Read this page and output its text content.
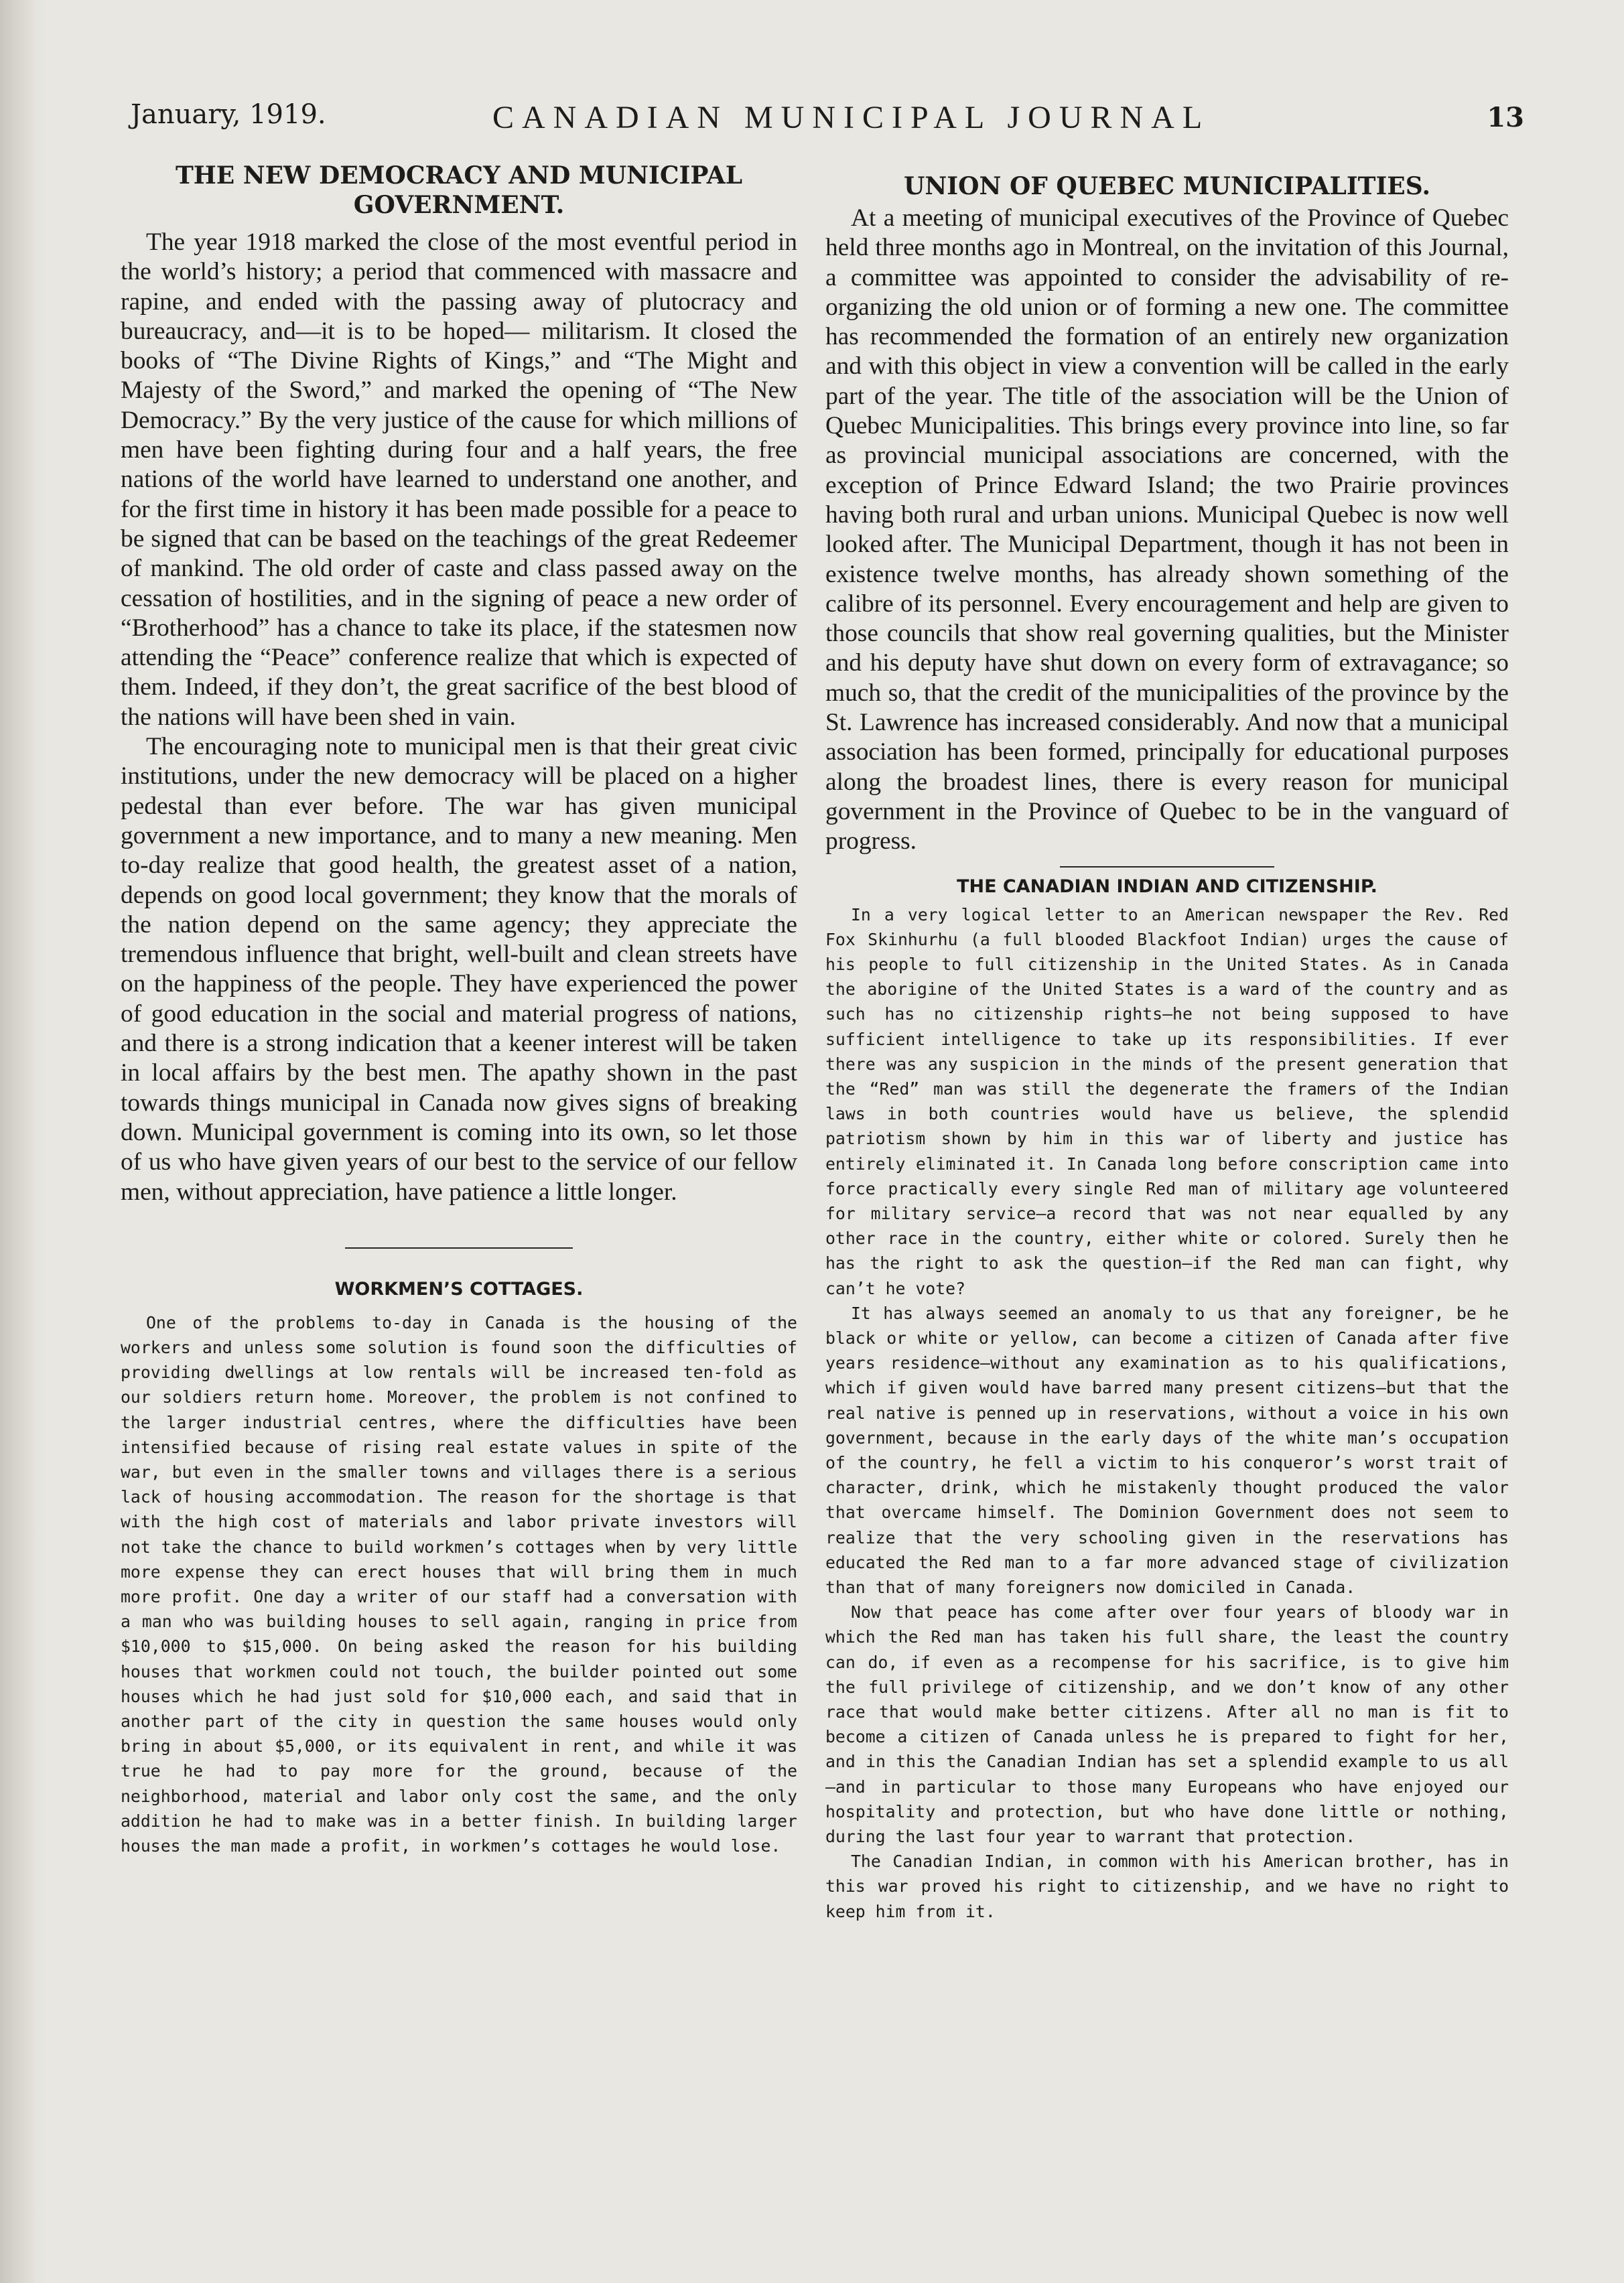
January, 1919.	CANADIAN MUNICIPAL JOURNAL	13
THE NEW DEMOCRACY AND MUNICIPAL GOVERNMENT.

The year 1918 marked the close of the most eventful period in the world’s history; a period that commenced with massacre and rapine, and ended with the passing away of plutocracy and bureaucracy, and—it is to be hoped— militarism. It closed the books of “The Divine Rights of Kings,” and “The Might and Majesty of the Sword,” and marked the opening of “The New Democracy.” By the very justice of the cause for which millions of men have been fighting during four and a half years, the free nations of the world have learned to understand one another, and for the first time in history it has been made possible for a peace to be signed that can be based on the teachings of the great Redeemer of mankind. The old order of caste and class passed away on the cessation of hostilities, and in the signing of peace a new order of “Brotherhood” has a chance to take its place, if the statesmen now attending the “Peace” conference realize that which is expected of them. Indeed, if they don’t, the great sacrifice of the best blood of the nations will have been shed in vain.

The encouraging note to municipal men is that their great civic institutions, under the new democracy will be placed on a higher pedestal than ever before. The war has given municipal government a new importance, and to many a new meaning. Men to-day realize that good health, the greatest asset of a nation, depends on good local government; they know that the morals of the nation depend on the same agency; they appreciate the tremendous influence that bright, well-built and clean streets have on the happiness of the people. They have experienced the power of good education in the social and material progress of nations, and there is a strong indication that a keener interest will be taken in local affairs by the best men. The apathy shown in the past towards things municipal in Canada now gives signs of breaking down. Municipal government is coming into its own, so let those of us who have given years of our best to the service of our fellow men, without appreciation, have patience a little longer.

WORKMEN’S COTTAGES.

One of the problems to-day in Canada is the housing of the workers and unless some solution is found soon the difficulties of providing dwellings at low rentals will be increased ten-fold as our soldiers return home. Moreover, the problem is not confined to the larger industrial centres, where the difficulties have been intensified because of rising real estate values in spite of the war, but even in the smaller towns and villages there is a serious lack of housing accommodation. The reason for the shortage is that with the high cost of materials and labor private investors will not take the chance to build workmen’s cottages when by very little more expense they can erect houses that will bring them in much more profit. One day a writer of our staff had a conversation with a man who was building houses to sell again, ranging in price from $10,000 to $15,000. On being asked the reason for his building houses that workmen could not touch, the builder pointed out some houses which he had just sold for $10,000 each, and said that in another part of the city in question the same houses would only bring in about $5,000, or its equivalent in rent, and while it was true he had to pay more for the ground, because of the neighborhood, material and labor only cost the same, and the only addition he had to make was in a better finish. In building larger houses the man made a profit, in workmen’s cottages he would lose.

UNION OF QUEBEC MUNICIPALITIES.

At a meeting of municipal executives of the Province of Quebec held three months ago in Montreal, on the invitation of this Journal, a committee was appointed to consider the advisability of re-organizing the old union or of forming a new one. The committee has recommended the formation of an entirely new organization and with this object in view a convention will be called in the early part of the year. The title of the association will be the Union of Quebec Municipalities. This brings every province into line, so far as provincial municipal associations are concerned, with the exception of Prince Edward Island; the two Prairie provinces having both rural and urban unions. Municipal Quebec is now well looked after. The Municipal Department, though it has not been in existence twelve months, has already shown something of the calibre of its personnel. Every encouragement and help are given to those councils that show real governing qualities, but the Minister and his deputy have shut down on every form of extravagance; so much so, that the credit of the municipalities of the province by the St. Lawrence has increased considerably. And now that a municipal association has been formed, principally for educational purposes along the broadest lines, there is every reason for municipal government in the Province of Quebec to be in the vanguard of progress.

THE CANADIAN INDIAN AND CITIZENSHIP.

In a very logical letter to an American newspaper the Rev. Red Fox Skinhurhu (a full blooded Blackfoot Indian) urges the cause of his people to full citizenship in the United States. As in Canada the aborigine of the United States is a ward of the country and as such has no citizenship rights—he not being supposed to have sufficient intelligence to take up its responsibilities. If ever there was any suspicion in the minds of the present generation that the “Red” man was still the degenerate the framers of the Indian laws in both countries would have us believe, the splendid patriotism shown by him in this war of liberty and justice has entirely eliminated it. In Canada long before conscription came into force practically every single Red man of military age volunteered for military service—a record that was not near equalled by any other race in the country, either white or colored. Surely then he has the right to ask the question—if the Red man can fight, why can’t he vote?

It has always seemed an anomaly to us that any foreigner, be he black or white or yellow, can become a citizen of Canada after five years residence—without any examination as to his qualifications, which if given would have barred many present citizens—but that the real native is penned up in reservations, without a voice in his own government, because in the early days of the white man’s occupation of the country, he fell a victim to his conqueror’s worst trait of character, drink, which he mistakenly thought produced the valor that overcame himself. The Dominion Government does not seem to realize that the very schooling given in the reservations has educated the Red man to a far more advanced stage of civilization than that of many foreigners now domiciled in Canada.

Now that peace has come after over four years of bloody war in which the Red man has taken his full share, the least the country can do, if even as a recompense for his sacrifice, is to give him the full privilege of citizenship, and we don’t know of any other race that would make better citizens. After all no man is fit to become a citizen of Canada unless he is prepared to fight for her, and in this the Canadian Indian has set a splendid example to us all—and in particular to those many Europeans who have enjoyed our hospitality and protection, but who have done little or nothing, during the last four year to warrant that protection.

The Canadian Indian, in common with his American brother, has in this war proved his right to citizenship, and we have no right to keep him from it.
